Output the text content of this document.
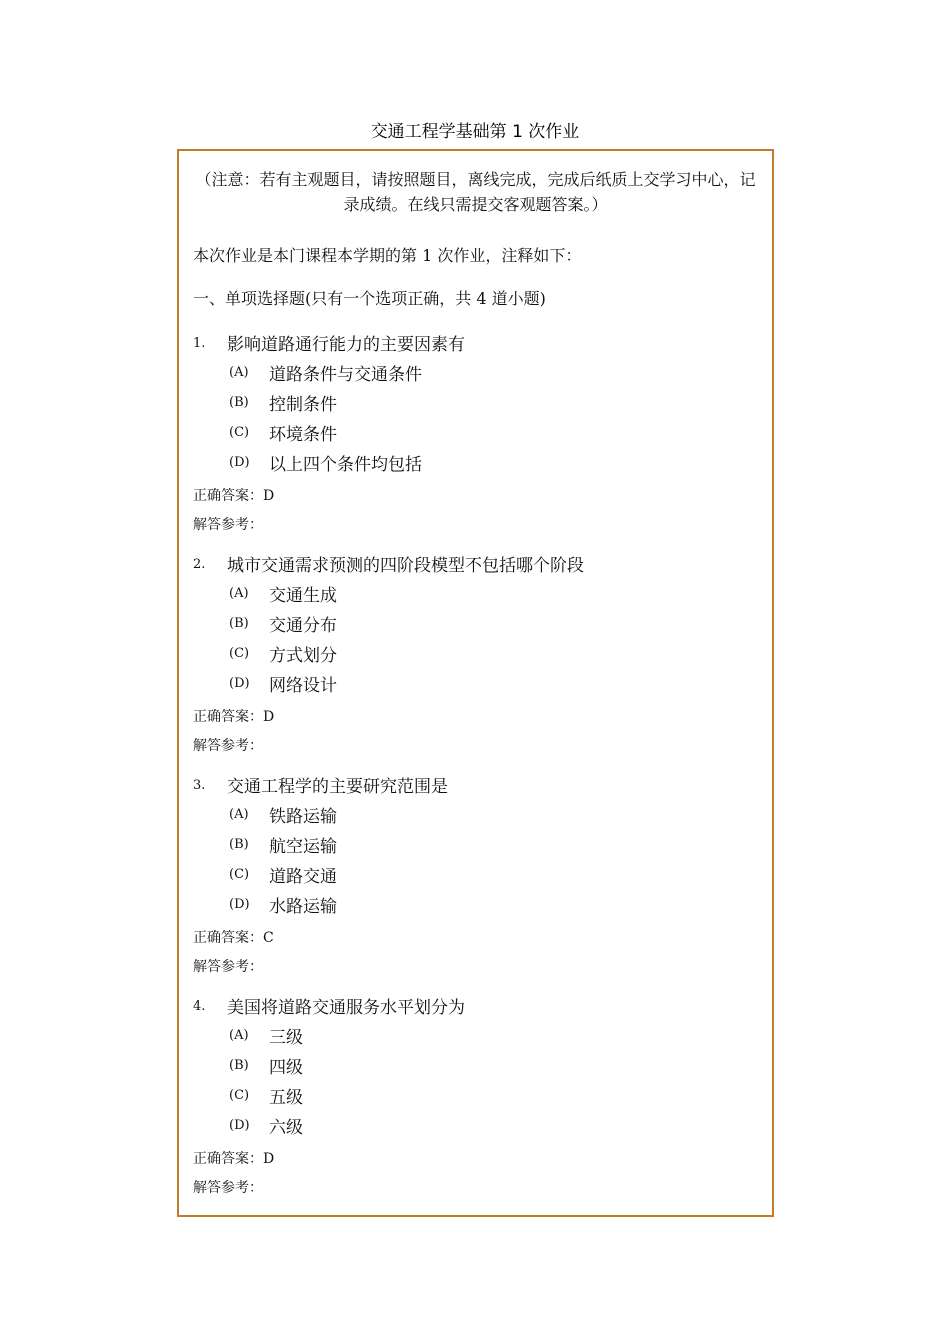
交通工程学基础第 1 次作业
（注意：若有主观题目，请按照题目，离线完成，完成后纸质上交学习中心，记录成绩。在线只需提交客观题答案。）
本次作业是本门课程本学期的第 1 次作业，注释如下：
一、单项选择题(只有一个选项正确，共 4 道小题)
1. 影响道路通行能力的主要因素有
(A) 道路条件与交通条件
(B) 控制条件
(C) 环境条件
(D) 以上四个条件均包括
正确答案：D
解答参考：
2. 城市交通需求预测的四阶段模型不包括哪个阶段
(A) 交通生成
(B) 交通分布
(C) 方式划分
(D) 网络设计
正确答案：D
解答参考：
3. 交通工程学的主要研究范围是
(A) 铁路运输
(B) 航空运输
(C) 道路交通
(D) 水路运输
正确答案：C
解答参考：
4. 美国将道路交通服务水平划分为
(A) 三级
(B) 四级
(C) 五级
(D) 六级
正确答案：D
解答参考：
